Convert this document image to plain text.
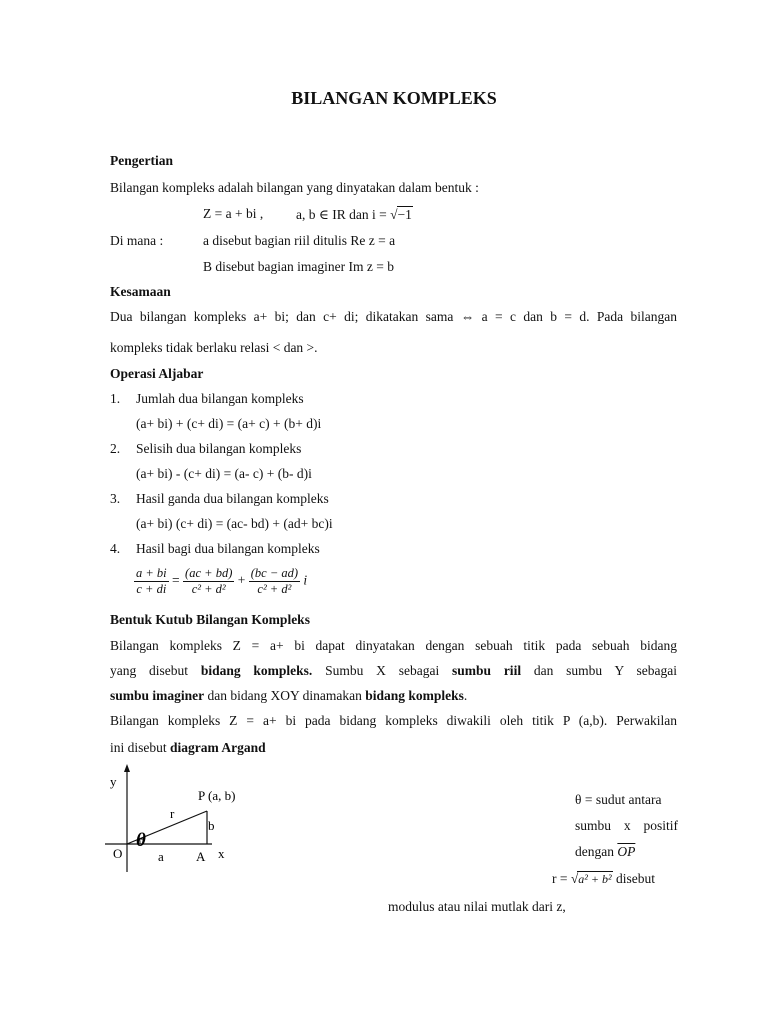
BILANGAN KOMPLEKS
Pengertian
Bilangan kompleks adalah bilangan yang dinyatakan dalam bentuk :
Z = a + bi , a, b ∈ IR dan i = √−1
Di mana :	a disebut bagian riil ditulis Re z = a
B disebut bagian imaginer Im z = b
Kesamaan
Dua bilangan kompleks a+ bi; dan c+ di; dikatakan sama ⇔ a = c dan b = d. Pada bilangan
kompleks tidak berlaku relasi < dan >.
Operasi Aljabar
1. Jumlah dua bilangan kompleks
(a+ bi) + (c+ di) = (a+ c) + (b+ d)i
2. Selisih dua bilangan kompleks
(a+ bi) - (c+ di) = (a- c) + (b- d)i
3. Hasil ganda dua bilangan kompleks
(a+ bi) (c+ di) = (ac- bd) + (ad+ bc)i
4. Hasil bagi dua bilangan kompleks
$\frac{a + bi}{c + di} = \frac{(ac + bd)}{\text{c² + d²}} + \frac{(bc - ad)}{\text{c² + d²}}$ i
Bentuk Kutub Bilangan Kompleks
Bilangan kompleks Z = a+ bi dapat dinyatakan dengan sebuah titik pada sebuah bidang
yang disebut bidang kompleks. Sumbu X sebagai sumbu riil dan sumbu Y sebagai
sumbu imaginer dan bidang XOY dinamakan bidang kompleks.
Bilangan kompleks Z = a+ bi pada bidang kompleks diwakili oleh titik P (a,b). Perwakilan
ini disebut diagram Argand
y
x
O
P (a, b)
r
b
a A
θ
θ = sudut antara
sumbu x positif
dengan $\overline{OP}$
r = √a² + b² disebut
modulus atau nilai mutlak dari z,
